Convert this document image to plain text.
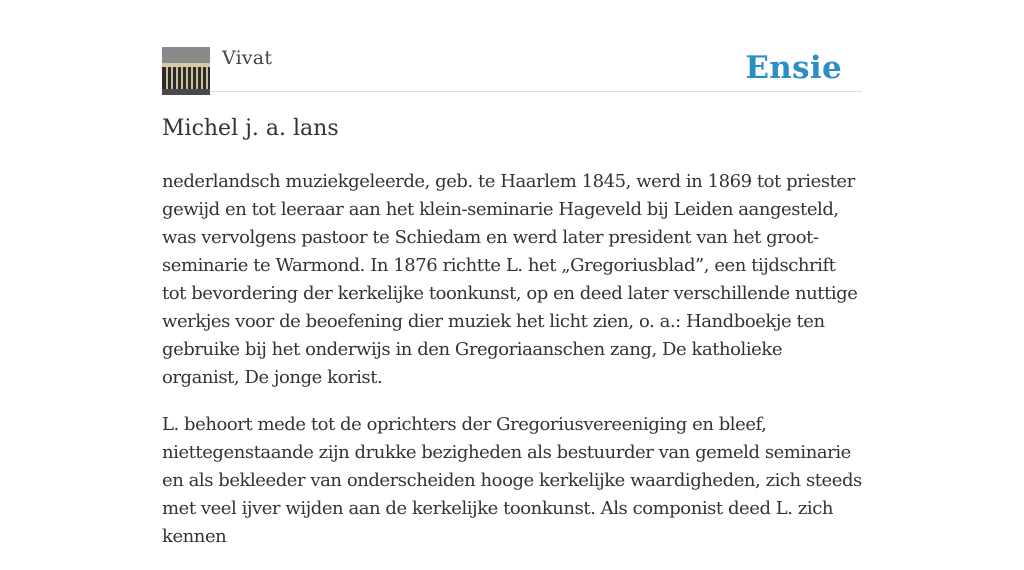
Vivat	Ensie
Michel j. a. lans

nederlandsch muziekgeleerde, geb. te Haarlem 1845, werd in 1869 tot priester gewijd en tot leeraar aan het klein-seminarie Hageveld bij Leiden aangesteld, was vervolgens pastoor te Schiedam en werd later president van het groot-seminarie te Warmond. In 1876 richtte L. het „Gregoriusblad”, een tijdschrift tot bevordering der kerkelijke toonkunst, op en deed later verschillende nuttige werkjes voor de beoefening dier muziek het licht zien, o. a.: Handboekje ten gebruike bij het onderwijs in den Gregoriaanschen zang, De katholieke organist, De jonge korist.

L. behoort mede tot de oprichters der Gregoriusvereeniging en bleef, niettegenstaande zijn drukke bezigheden als bestuurder van gemeld seminarie en als bekleeder van onderscheiden hooge kerkelijke waardigheden, zich steeds met veel ijver wijden aan de kerkelijke toonkunst. Als componist deed L. zich kennen
